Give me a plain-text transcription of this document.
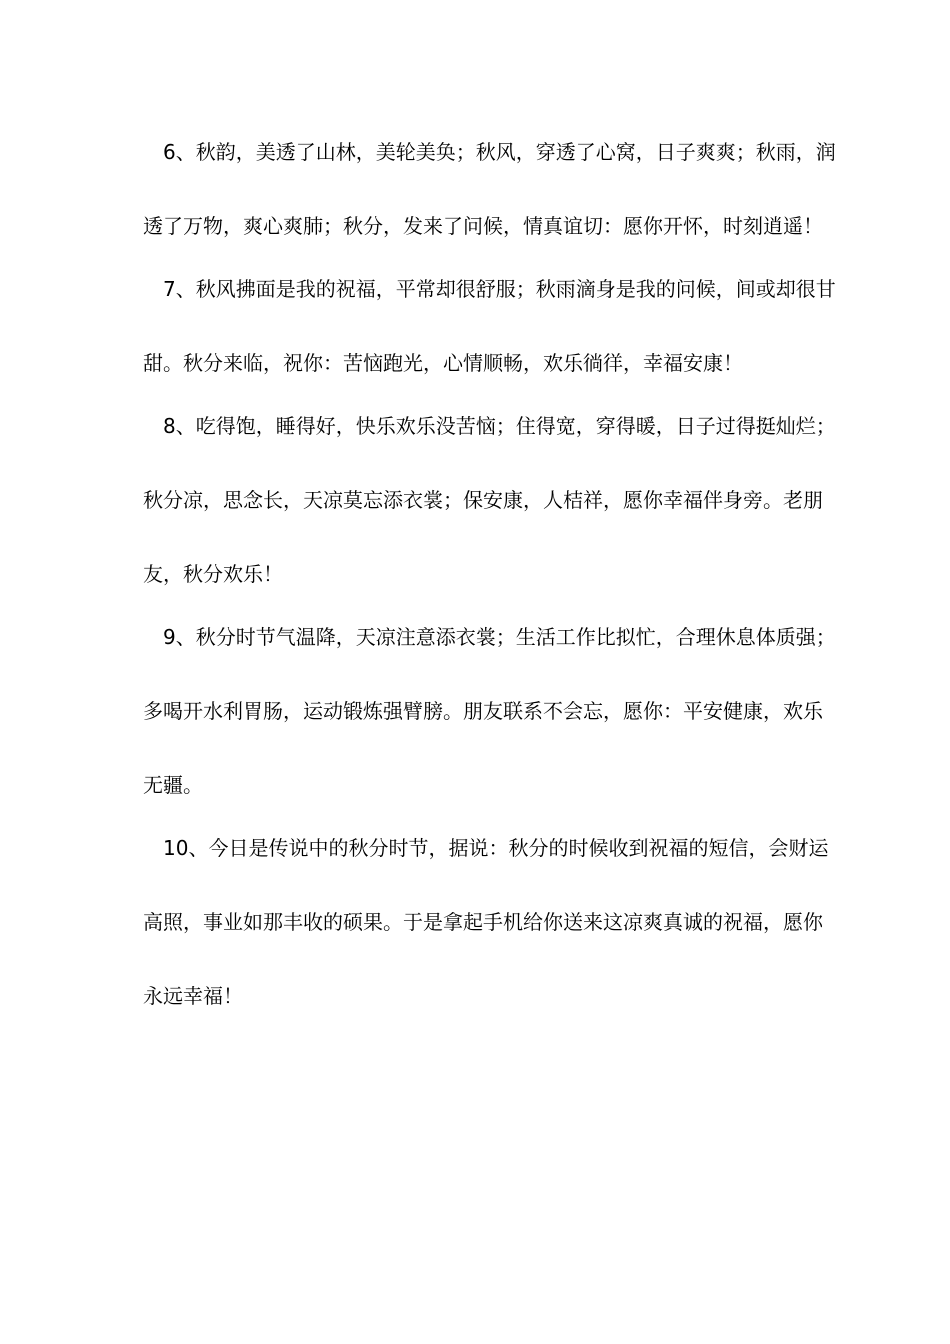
6、秋韵，美透了山林，美轮美奂；秋风，穿透了心窝，日子爽爽；秋雨，润
透了万物，爽心爽肺；秋分，发来了问候，情真谊切：愿你开怀，时刻逍遥！
7、秋风拂面是我的祝福，平常却很舒服；秋雨滴身是我的问候，间或却很甘
甜。秋分来临，祝你：苦恼跑光，心情顺畅，欢乐徜徉，幸福安康！
8、吃得饱，睡得好，快乐欢乐没苦恼；住得宽，穿得暖，日子过得挺灿烂；
秋分凉，思念长，天凉莫忘添衣裳；保安康，人桔祥，愿你幸福伴身旁。老朋
友，秋分欢乐！
9、秋分时节气温降，天凉注意添衣裳；生活工作比拟忙，合理休息体质强；
多喝开水利胃肠，运动锻炼强臂膀。朋友联系不会忘，愿你：平安健康，欢乐
无疆。
10、今日是传说中的秋分时节，据说：秋分的时候收到祝福的短信，会财运
高照，事业如那丰收的硕果。于是拿起手机给你送来这凉爽真诚的祝福，愿你
永远幸福！
